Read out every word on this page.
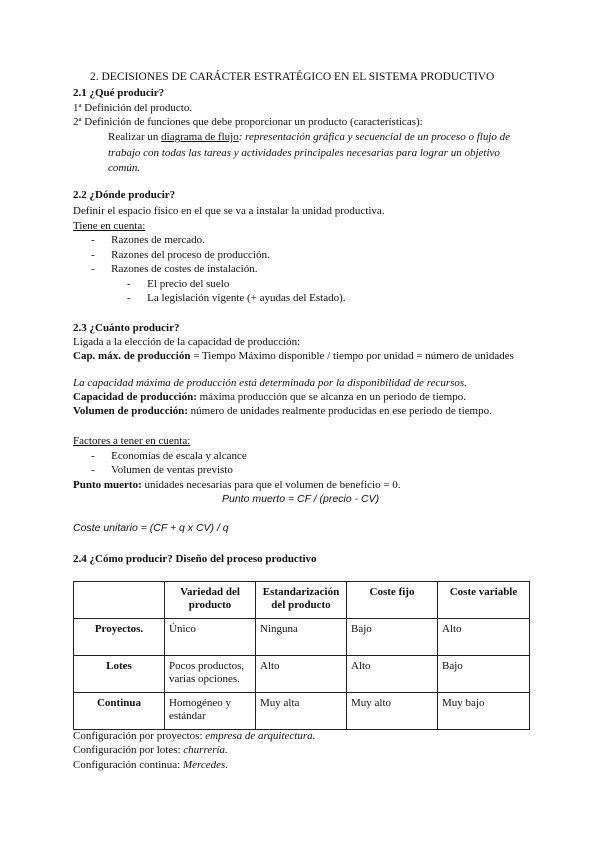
2. DECISIONES DE CARÁCTER ESTRATÉGICO EN EL SISTEMA PRODUCTIVO
2.1 ¿Qué producir?
1ª Definición del producto.
2ª Definición de funciones que debe proporcionar un producto (características):
Realizar un diagrama de flujo: representación gráfica y secuencial de un proceso o flujo de
trabajo con todas las tareas y actividades principales necesarias para lograr un objetivo
común.
2.2 ¿Dónde producir?
Definir el espacio físico en el que se va a instalar la unidad productiva.
Tiene en cuenta:
-      Razones de mercado.
-      Razones del proceso de producción.
-      Razones de costes de instalación.
-      El precio del suelo
-      La legislación vigente (+ ayudas del Estado).
2.3 ¿Cuánto producir?
Ligada a la elección de la capacidad de producción:
Cap. máx. de producción = Tiempo Máximo disponible / tiempo por unidad = número de unidades
La capacidad máxima de producción está determinada por la disponibilidad de recursos.
Capacidad de producción: máxima producción que se alcanza en un periodo de tiempo.
Volumen de producción: número de unidades realmente producidas en ese periodo de tiempo.
Factores a tener en cuenta:
-      Economías de escala y alcance
-      Volumen de ventas previsto
Punto muerto: unidades necesarias para que el volumen de beneficio = 0.
Punto muerto = CF / (precio - CV)
Coste unitario = (CF + q x CV) / q
2.4 ¿Cómo producir? Diseño del proceso productivo
	Variedad del producto	Estandarización del producto	Coste fijo	Coste variable
Proyectos.	Único	Ninguna	Bajo	Alto
Lotes	Pocos productos, varias opciones.	Alto	Alto	Bajo
Continua	Homogéneo y estándar	Muy alta	Muy alto	Muy bajo
Configuración por proyectos: empresa de arquitectura.
Configuración por lotes: churrería.
Configuración continua: Mercedes.
